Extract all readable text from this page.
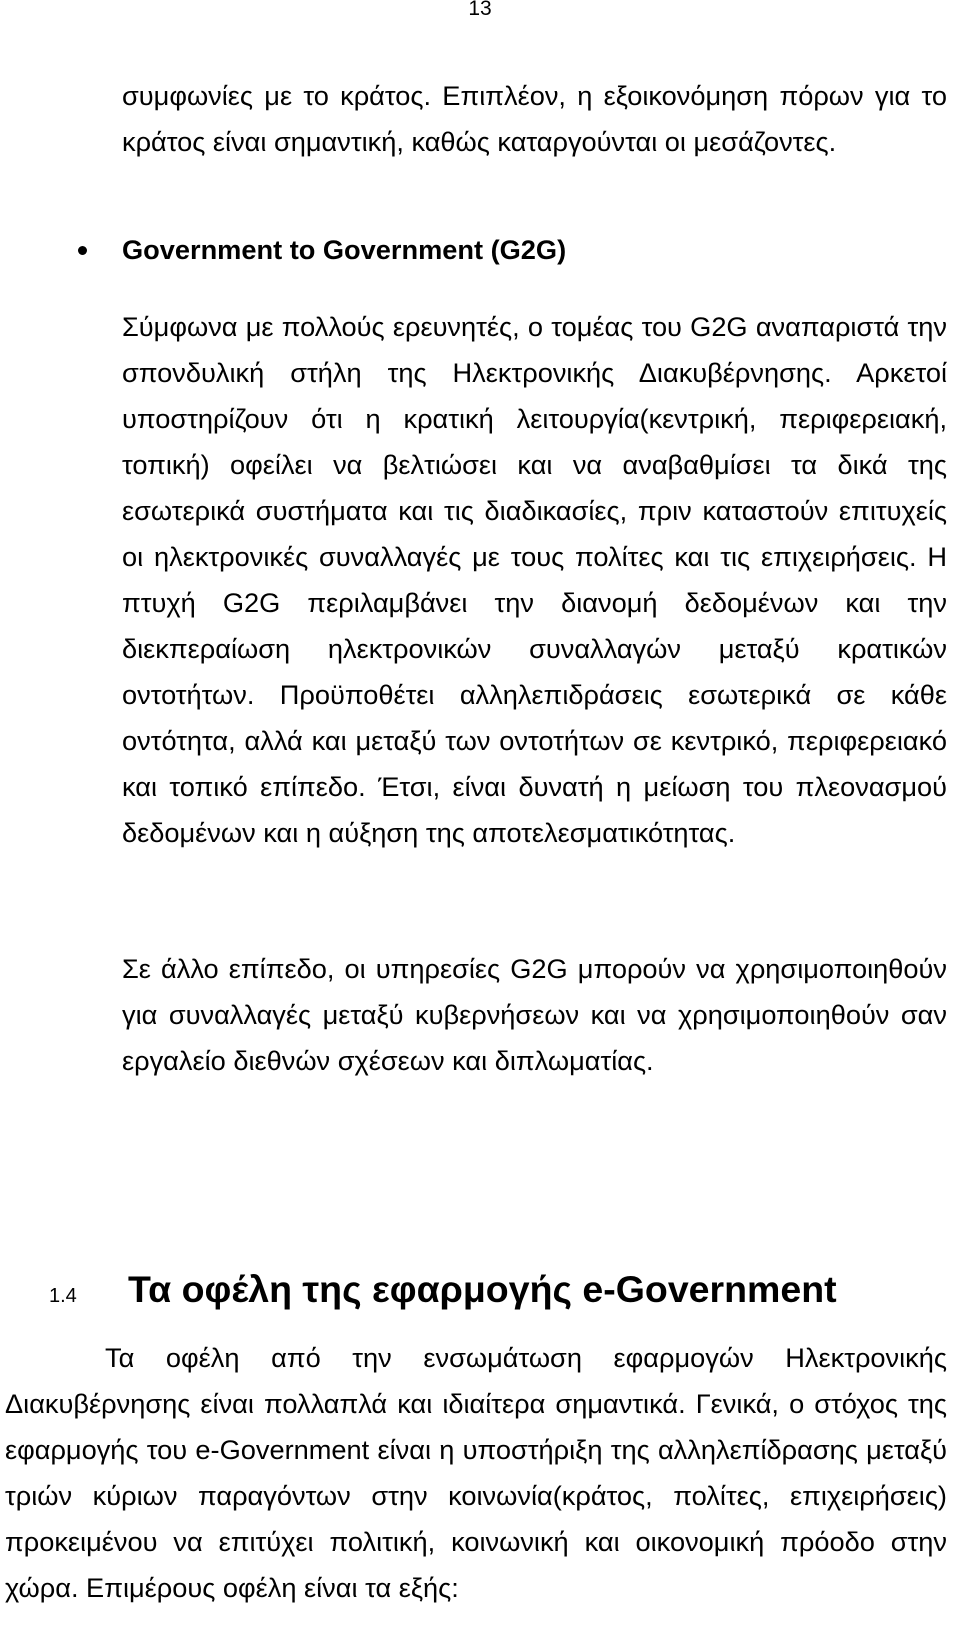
13

συμφωνίες με το κράτος. Επιπλέον, η εξοικονόμηση πόρων για το κράτος είναι σημαντική, καθώς καταργούνται οι μεσάζοντες.

Government to Government (G2G)

Σύμφωνα με πολλούς ερευνητές, ο τομέας του G2G αναπαριστά την σπονδυλική στήλη της Ηλεκτρονικής Διακυβέρνησης. Αρκετοί υποστηρίζουν ότι η κρατική λειτουργία(κεντρική, περιφερειακή, τοπική) οφείλει να βελτιώσει και να αναβαθμίσει τα δικά της εσωτερικά συστήματα και τις διαδικασίες, πριν καταστούν επιτυχείς οι ηλεκτρονικές συναλλαγές με τους πολίτες και τις επιχειρήσεις. Η πτυχή G2G περιλαμβάνει την διανομή δεδομένων και την διεκπεραίωση ηλεκτρονικών συναλλαγών μεταξύ κρατικών οντοτήτων. Προϋποθέτει αλληλεπιδράσεις εσωτερικά σε κάθε οντότητα, αλλά και μεταξύ των οντοτήτων σε κεντρικό, περιφερειακό και τοπικό επίπεδο. Έτσι, είναι δυνατή η μείωση του πλεονασμού δεδομένων και η αύξηση της αποτελεσματικότητας.

Σε άλλο επίπεδο, οι υπηρεσίες G2G μπορούν να χρησιμοποιηθούν για συναλλαγές μεταξύ κυβερνήσεων και να χρησιμοποιηθούν σαν εργαλείο διεθνών σχέσεων και διπλωματίας.

1.4 Τα οφέλη της εφαρμογής e-Government

Τα οφέλη από την ενσωμάτωση εφαρμογών Ηλεκτρονικής Διακυβέρνησης είναι πολλαπλά και ιδιαίτερα σημαντικά. Γενικά, ο στόχος της εφαρμογής του e-Government είναι η υποστήριξη της αλληλεπίδρασης μεταξύ τριών κύριων παραγόντων στην κοινωνία(κράτος, πολίτες, επιχειρήσεις) προκειμένου να επιτύχει πολιτική, κοινωνική και οικονομική πρόοδο στην χώρα. Επιμέρους οφέλη είναι τα εξής:
